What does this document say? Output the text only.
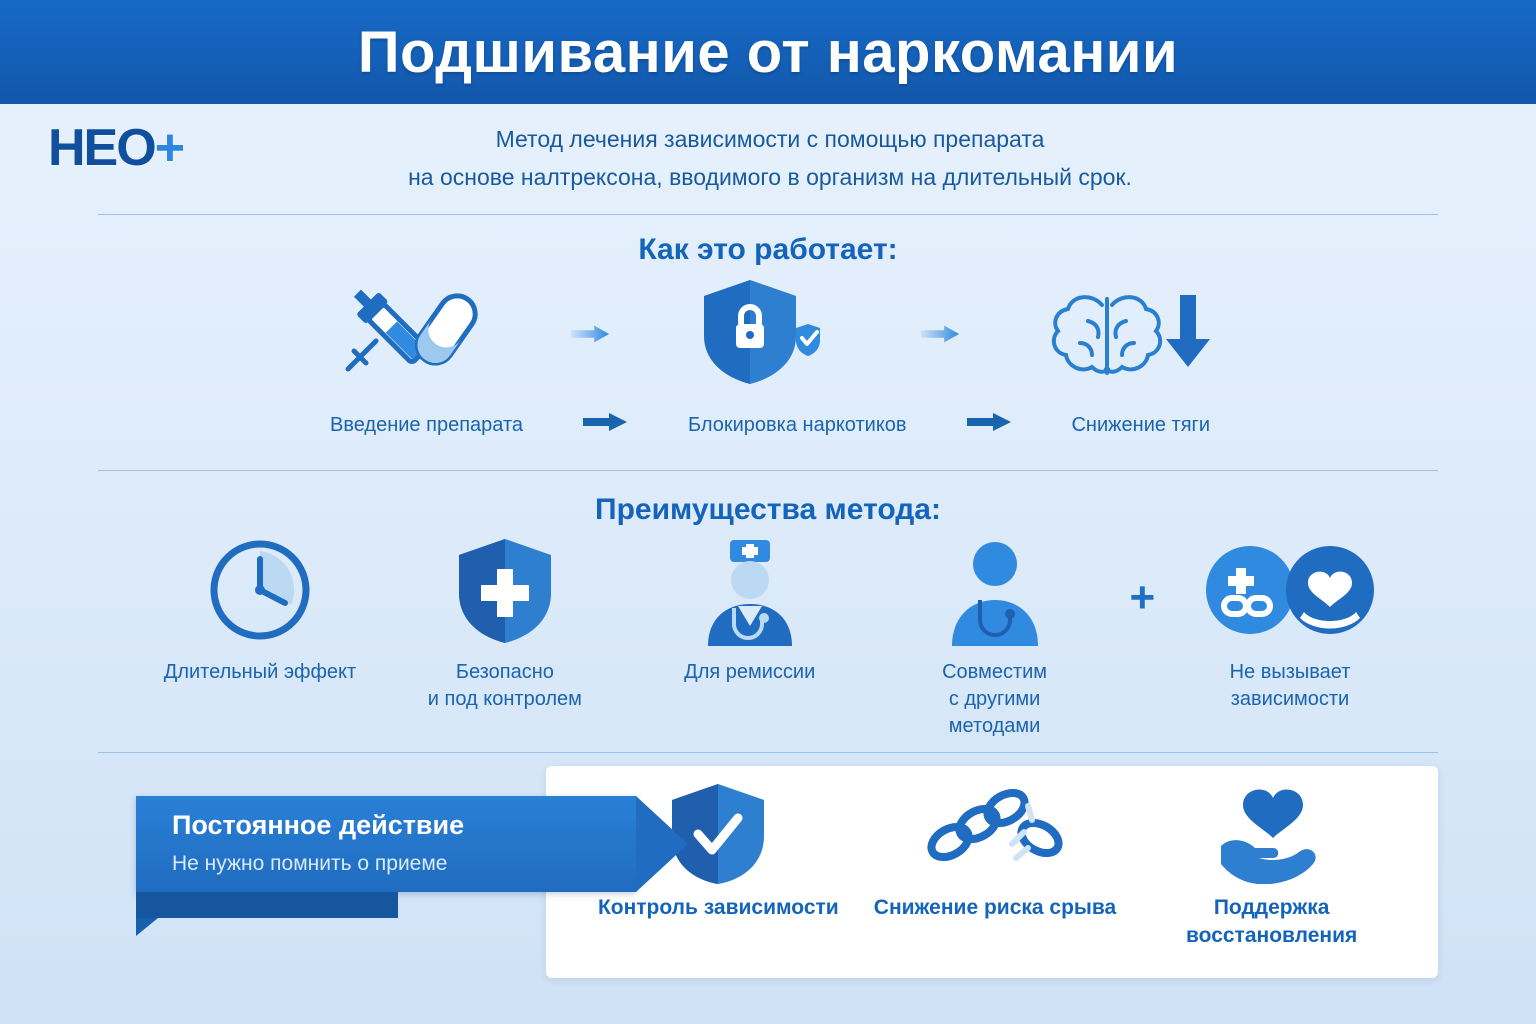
Подшивание от наркомании
НЕО+	Метод лечения зависимости с помощью препарата
на основе налтрексона, вводимого в организм на длительный срок.
Как это работает:
Введение препарата	Блокировка наркотиков	Снижение тяги
Преимущества метода:
Длительный эффект	Безопасно
и под контролем
Для ремиссии	Совместим
с другими
методами
+
Не вызывает
зависимости
Контроль зависимости Снижение риска срыва	Поддержка
восстановления
Постоянное действие
Не нужно помнить о приеме
